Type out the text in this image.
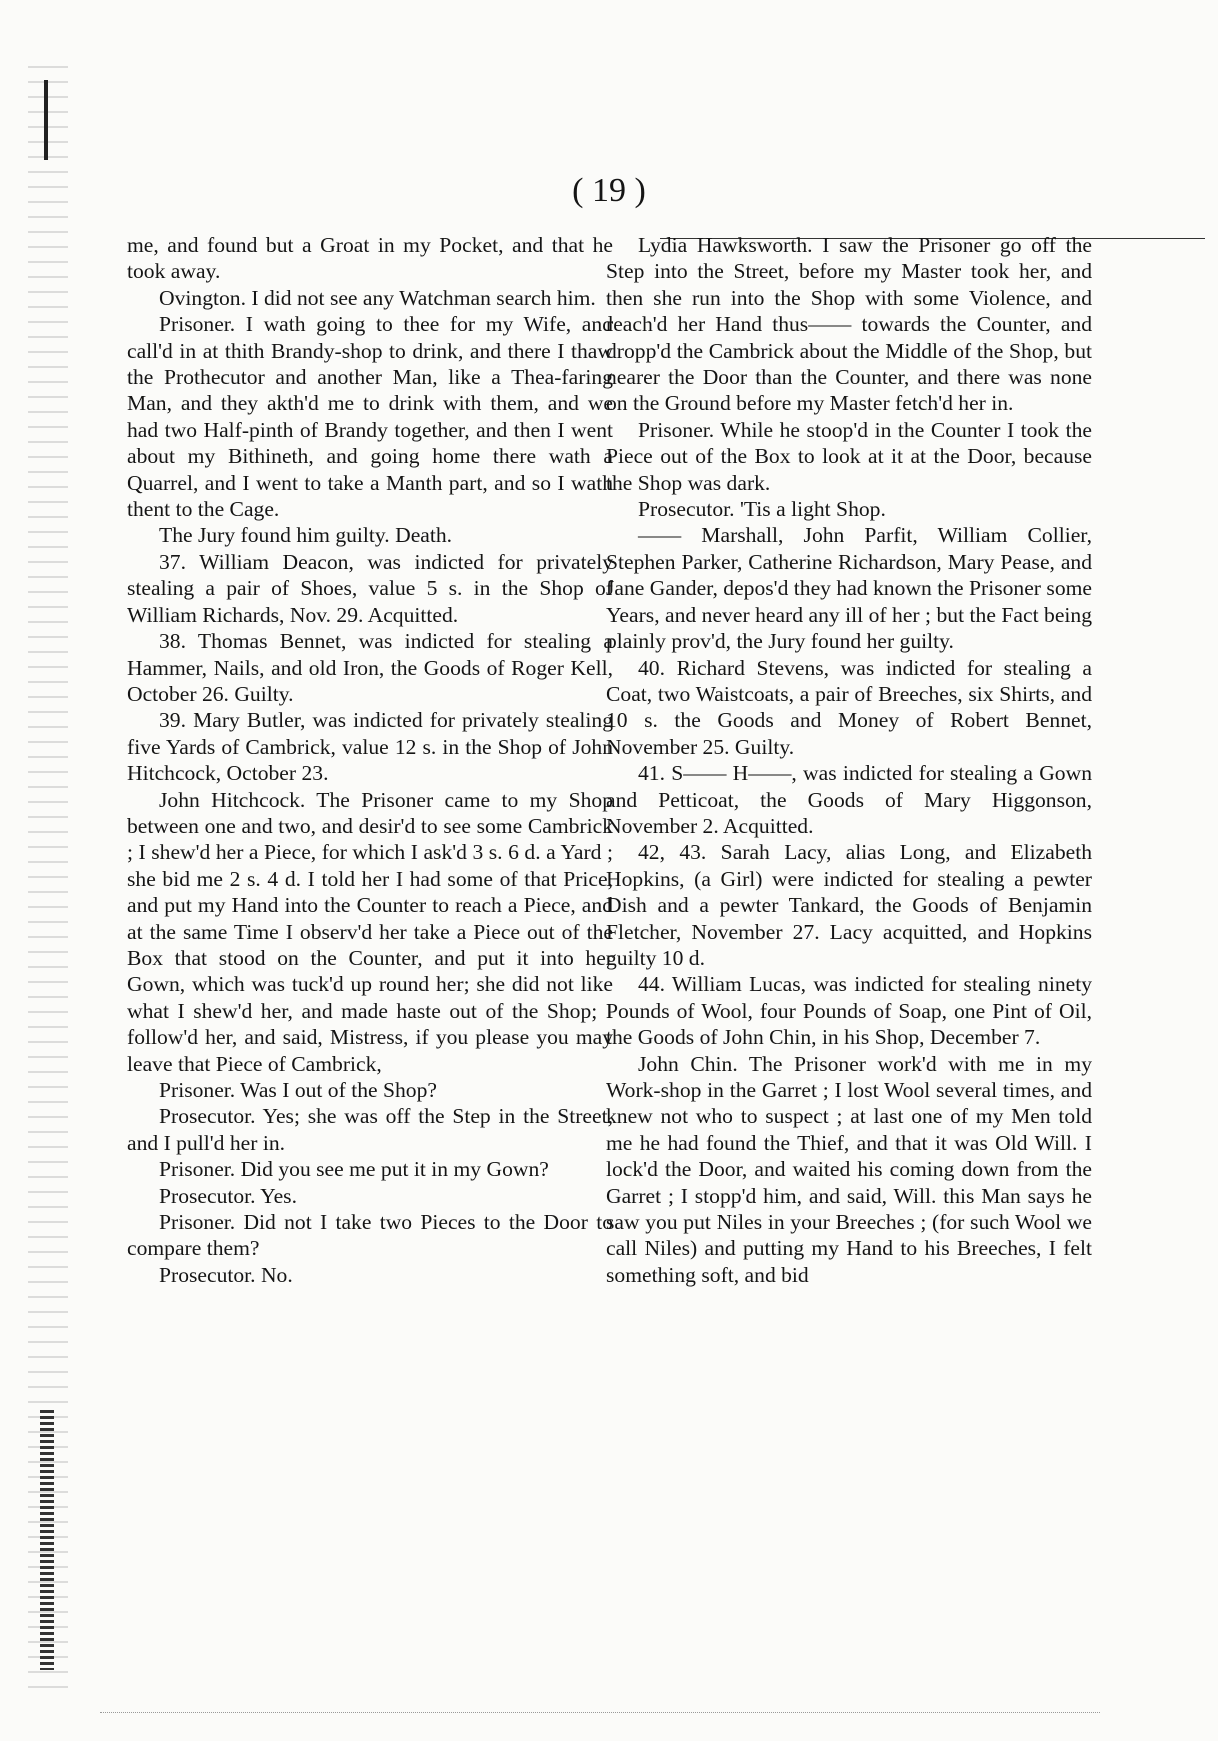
( 19 )

me, and found but a Groat in my Pocket, and that he took away.

Ovington. I did not see any Watchman search him.

Prisoner. I wath going to thee for my Wife, and call'd in at thith Brandy-shop to drink, and there I thaw the Prothecutor and another Man, like a Thea-faring Man, and they akth'd me to drink with them, and we had two Half-pinth of Brandy together, and then I went about my Bithineth, and going home there wath a Quarrel, and I went to take a Manth part, and so I wath thent to the Cage.

The Jury found him guilty. Death.

37. William Deacon, was indicted for privately stealing a pair of Shoes, value 5 s. in the Shop of William Richards, Nov. 29. Acquitted.

38. Thomas Bennet, was indicted for stealing a Hammer, Nails, and old Iron, the Goods of Roger Kell, October 26. Guilty.

39. Mary Butler, was indicted for privately stealing five Yards of Cambrick, value 12 s. in the Shop of John Hitchcock, October 23.

John Hitchcock. The Prisoner came to my Shop between one and two, and desir'd to see some Cambrick ; I shew'd her a Piece, for which I ask'd 3 s. 6 d. a Yard ; she bid me 2 s. 4 d. I told her I had some of that Price, and put my Hand into the Counter to reach a Piece, and at the same Time I observ'd her take a Piece out of the Box that stood on the Counter, and put it into her Gown, which was tuck'd up round her; she did not like what I shew'd her, and made haste out of the Shop; I follow'd her, and said, Mistress, if you please you may leave that Piece of Cambrick,

Prisoner. Was I out of the Shop?

Prosecutor. Yes; she was off the Step in the Street, and I pull'd her in.

Prisoner. Did you see me put it in my Gown?

Prosecutor. Yes.

Prisoner. Did not I take two Pieces to the Door to compare them?

Prosecutor. No.

Lydia Hawksworth. I saw the Prisoner go off the Step into the Street, before my Master took her, and then she run into the Shop with some Violence, and reach'd her Hand thus—— towards the Counter, and dropp'd the Cambrick about the Middle of the Shop, but nearer the Door than the Counter, and there was none on the Ground before my Master fetch'd her in.

Prisoner. While he stoop'd in the Counter I took the Piece out of the Box to look at it at the Door, because the Shop was dark.

Prosecutor. 'Tis a light Shop.

—— Marshall, John Parfit, William Collier, Stephen Parker, Catherine Richardson, Mary Pease, and Jane Gander, depos'd they had known the Prisoner some Years, and never heard any ill of her ; but the Fact being plainly prov'd, the Jury found her guilty.

40. Richard Stevens, was indicted for stealing a Coat, two Waistcoats, a pair of Breeches, six Shirts, and 10 s. the Goods and Money of Robert Bennet, November 25. Guilty.

41. S—— H——, was indicted for stealing a Gown and Petticoat, the Goods of Mary Higgonson, November 2. Acquitted.

42, 43. Sarah Lacy, alias Long, and Elizabeth Hopkins, (a Girl) were indicted for stealing a pewter Dish and a pewter Tankard, the Goods of Benjamin Fletcher, November 27. Lacy acquitted, and Hopkins guilty 10 d.

44. William Lucas, was indicted for stealing ninety Pounds of Wool, four Pounds of Soap, one Pint of Oil, the Goods of John Chin, in his Shop, December 7.

John Chin. The Prisoner work'd with me in my Work-shop in the Garret ; I lost Wool several times, and knew not who to suspect ; at last one of my Men told me he had found the Thief, and that it was Old Will. I lock'd the Door, and waited his coming down from the Garret ; I stopp'd him, and said, Will. this Man says he saw you put Niles in your Breeches ; (for such Wool we call Niles) and putting my Hand to his Breeches, I felt something soft, and bid
